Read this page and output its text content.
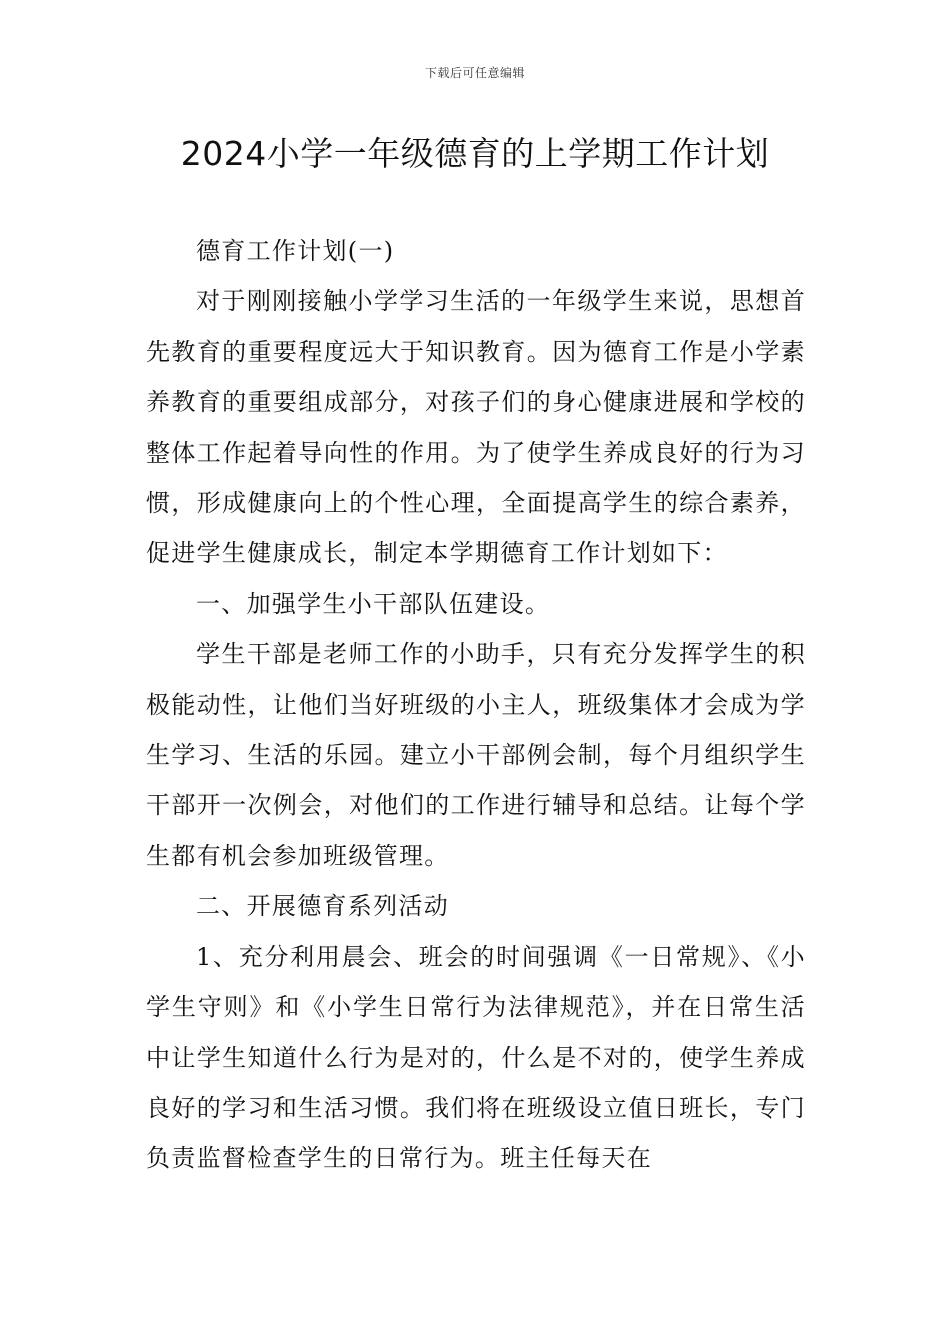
下载后可任意编辑
2024小学一年级德育的上学期工作计划

德育工作计划(一)

对于刚刚接触小学学习生活的一年级学生来说，思想首先教育的重要程度远大于知识教育。因为德育工作是小学素养教育的重要组成部分，对孩子们的身心健康进展和学校的整体工作起着导向性的作用。为了使学生养成良好的行为习惯，形成健康向上的个性心理，全面提高学生的综合素养，促进学生健康成长，制定本学期德育工作计划如下：

一、加强学生小干部队伍建设。

学生干部是老师工作的小助手，只有充分发挥学生的积极能动性，让他们当好班级的小主人，班级集体才会成为学生学习、生活的乐园。建立小干部例会制，每个月组织学生干部开一次例会，对他们的工作进行辅导和总结。让每个学生都有机会参加班级管理。

二、开展德育系列活动

1、充分利用晨会、班会的时间强调《一日常规》、《小学生守则》和《小学生日常行为法律规范》，并在日常生活中让学生知道什么行为是对的，什么是不对的，使学生养成良好的学习和生活习惯。我们将在班级设立值日班长，专门负责监督检查学生的日常行为。班主任每天在
